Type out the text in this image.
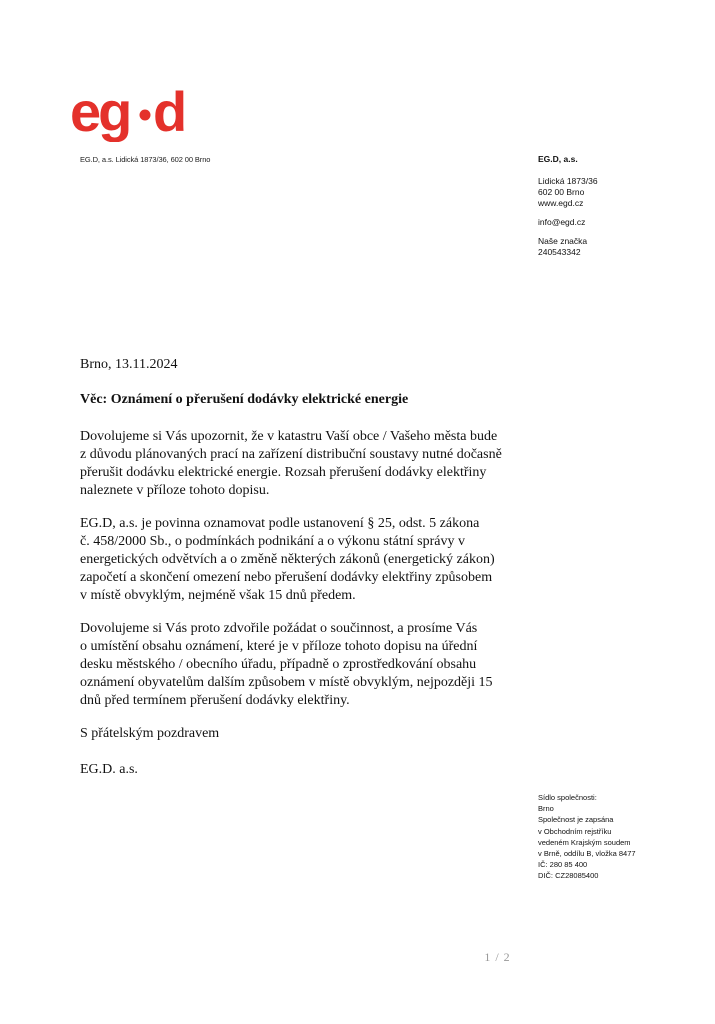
eg d
EG.D, a.s. Lidická 1873/36, 602 00 Brno	EG.D, a.s.
Lidická 1873/36
602 00 Brno
www.egd.cz
info@egd.cz
Naše značka
240543342
Brno, 13.11.2024
Věc: Oznámení o přerušení dodávky elektrické energie
Dovolujeme si Vás upozornit, že v katastru Vaší obce / Vašeho města bude
z důvodu plánovaných prací na zařízení distribuční soustavy nutné dočasně
přerušit dodávku elektrické energie. Rozsah přerušení dodávky elektřiny
naleznete v příloze tohoto dopisu.
EG.D, a.s. je povinna oznamovat podle ustanovení § 25, odst. 5 zákona
č. 458/2000 Sb., o podmínkách podnikání a o výkonu státní správy v
energetických odvětvích a o změně některých zákonů (energetický zákon)
započetí a skončení omezení nebo přerušení dodávky elektřiny způsobem
v místě obvyklým, nejméně však 15 dnů předem.
Dovolujeme si Vás proto zdvořile požádat o součinnost, a prosíme Vás
o umístění obsahu oznámení, které je v příloze tohoto dopisu na úřední
desku městského / obecního úřadu, případně o zprostředkování obsahu
oznámení obyvatelům dalším způsobem v místě obvyklým, nejpozději 15
dnů před termínem přerušení dodávky elektřiny.
S přátelským pozdravem
EG.D. a.s.
Sídlo společnosti:
Brno
Společnost je zapsána
v Obchodním rejstříku
vedeném Krajským soudem
v Brně, oddílu B, vložka 8477
IČ: 280 85 400
DIČ: CZ28085400
1 / 2
